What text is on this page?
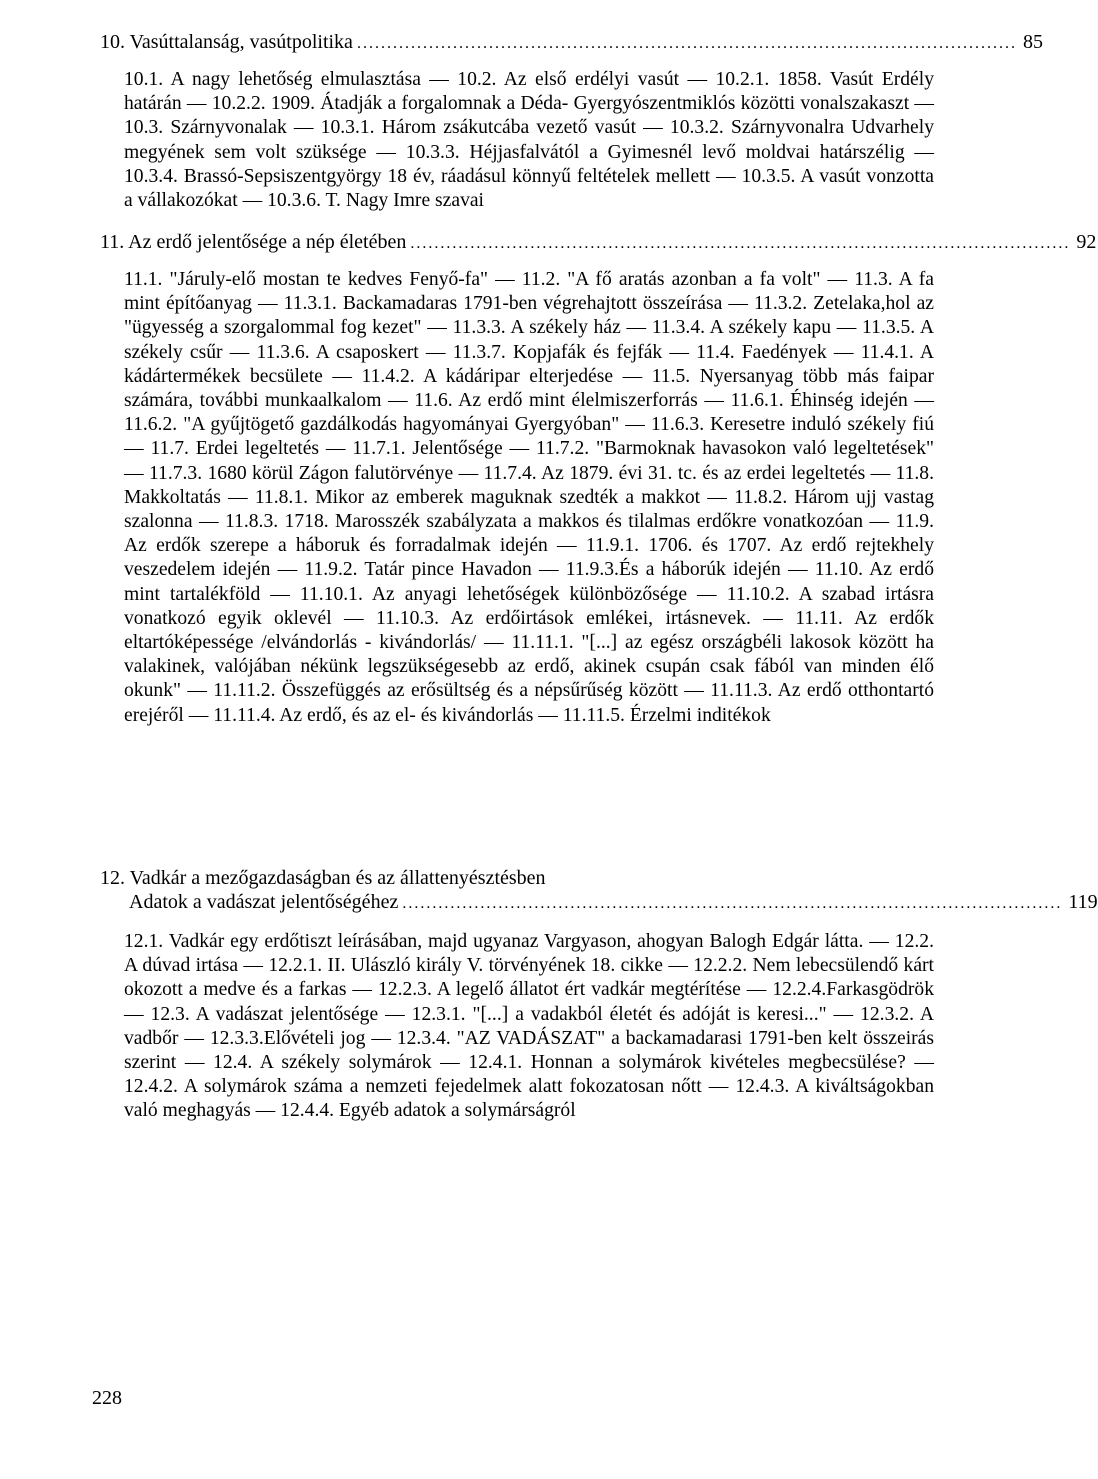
10. Vasúttalanság, vasútpolitika .............................................................................................................. 85

10.1. A nagy lehetőség elmulasztása — 10.2. Az első erdélyi vasút — 10.2.1. 1858. Vasút Erdély határán — 10.2.2. 1909. Átadják a forgalomnak a Déda- Gyergyószentmiklós közötti vonalszakaszt — 10.3. Szárnyvonalak — 10.3.1. Három zsákutcába vezető vasút — 10.3.2. Szárnyvonalra Udvarhely megyének sem volt szüksége — 10.3.3. Héjjasfalvától a Gyimesnél levő moldvai határszélig — 10.3.4. Brassó-Sepsiszentgyörgy 18 év, ráadásul könnyű feltételek mellett — 10.3.5. A vasút vonzotta a vállakozókat — 10.3.6. T. Nagy Imre szavai

11. Az erdő jelentősége a nép életében .............................................................................................................. 92

11.1. "Járuly-elő mostan te kedves Fenyő-fa" — 11.2. "A fő aratás azonban a fa volt" — 11.3. A fa mint építőanyag — 11.3.1. Backamadaras 1791-ben végrehajtott összeírása — 11.3.2. Zetelaka,hol az "ügyesség a szorgalommal fog kezet" — 11.3.3. A székely ház — 11.3.4. A székely kapu — 11.3.5. A székely csűr — 11.3.6. A csaposkert — 11.3.7. Kopjafák és fejfák — 11.4. Faedények — 11.4.1. A kádártermékek becsülete — 11.4.2. A kádáripar elterjedése — 11.5. Nyersanyag több más faipar számára, további munkaalkalom — 11.6. Az erdő mint élelmiszerforrás — 11.6.1. Éhinség idején — 11.6.2. "A gyűjtögető gazdálkodás hagyományai Gyergyóban" — 11.6.3. Keresetre induló székely fiú — 11.7. Erdei legeltetés — 11.7.1. Jelentősége — 11.7.2. "Barmoknak havasokon való legeltetések" — 11.7.3. 1680 körül Zágon falutörvénye — 11.7.4. Az 1879. évi 31. tc. és az erdei legeltetés — 11.8. Makkoltatás — 11.8.1. Mikor az emberek maguknak szedték a makkot — 11.8.2. Három ujj vastag szalonna — 11.8.3. 1718. Marosszék szabályzata a makkos és tilalmas erdőkre vonatkozóan — 11.9. Az erdők szerepe a háboruk és forradalmak idején — 11.9.1. 1706. és 1707. Az erdő rejtekhely veszedelem idején — 11.9.2. Tatár pince Havadon — 11.9.3.És a háborúk idején — 11.10. Az erdő mint tartalékföld — 11.10.1. Az anyagi lehetőségek különbözősége — 11.10.2. A szabad irtásra vonatkozó egyik oklevél — 11.10.3. Az erdőirtások emlékei, irtásnevek. — 11.11. Az erdők eltartóképessége /elvándorlás - kivándorlás/ — 11.11.1. "[...] az egész országbéli lakosok között ha valakinek, valójában nékünk legszükségesebb az erdő, akinek csupán csak fából van minden élő okunk" — 11.11.2. Összefüggés az erősültség és a népsűrűség között — 11.11.3. Az erdő otthontartó erejéről — 11.11.4. Az erdő, és az el- és kivándorlás — 11.11.5. Érzelmi inditékok

12. Vadkár a mezőgazdaságban és az állattenyésztésben
Adatok a vadászat jelentőségéhez .............................................................................................................. 119

12.1. Vadkár egy erdőtiszt leírásában, majd ugyanaz Vargyason, ahogyan Balogh Edgár látta. — 12.2. A dúvad irtása — 12.2.1. II. Ulászló király V. törvényének 18. cikke — 12.2.2. Nem lebecsülendő kárt okozott a medve és a farkas — 12.2.3. A legelő állatot ért vadkár megtérítése — 12.2.4.Farkasgödrök — 12.3. A vadászat jelentősége — 12.3.1. "[...] a vadakból életét és adóját is keresi..." — 12.3.2. A vadbőr — 12.3.3.Elővételi jog — 12.3.4. "AZ VADÁSZAT" a backamadarasi 1791-ben kelt összeirás szerint — 12.4. A székely solymárok — 12.4.1. Honnan a solymárok kivételes megbecsülése? — 12.4.2. A solymárok száma a nemzeti fejedelmek alatt fokozatosan nőtt — 12.4.3. A kiváltságokban való meghagyás — 12.4.4. Egyéb adatok a solymárságról

228
